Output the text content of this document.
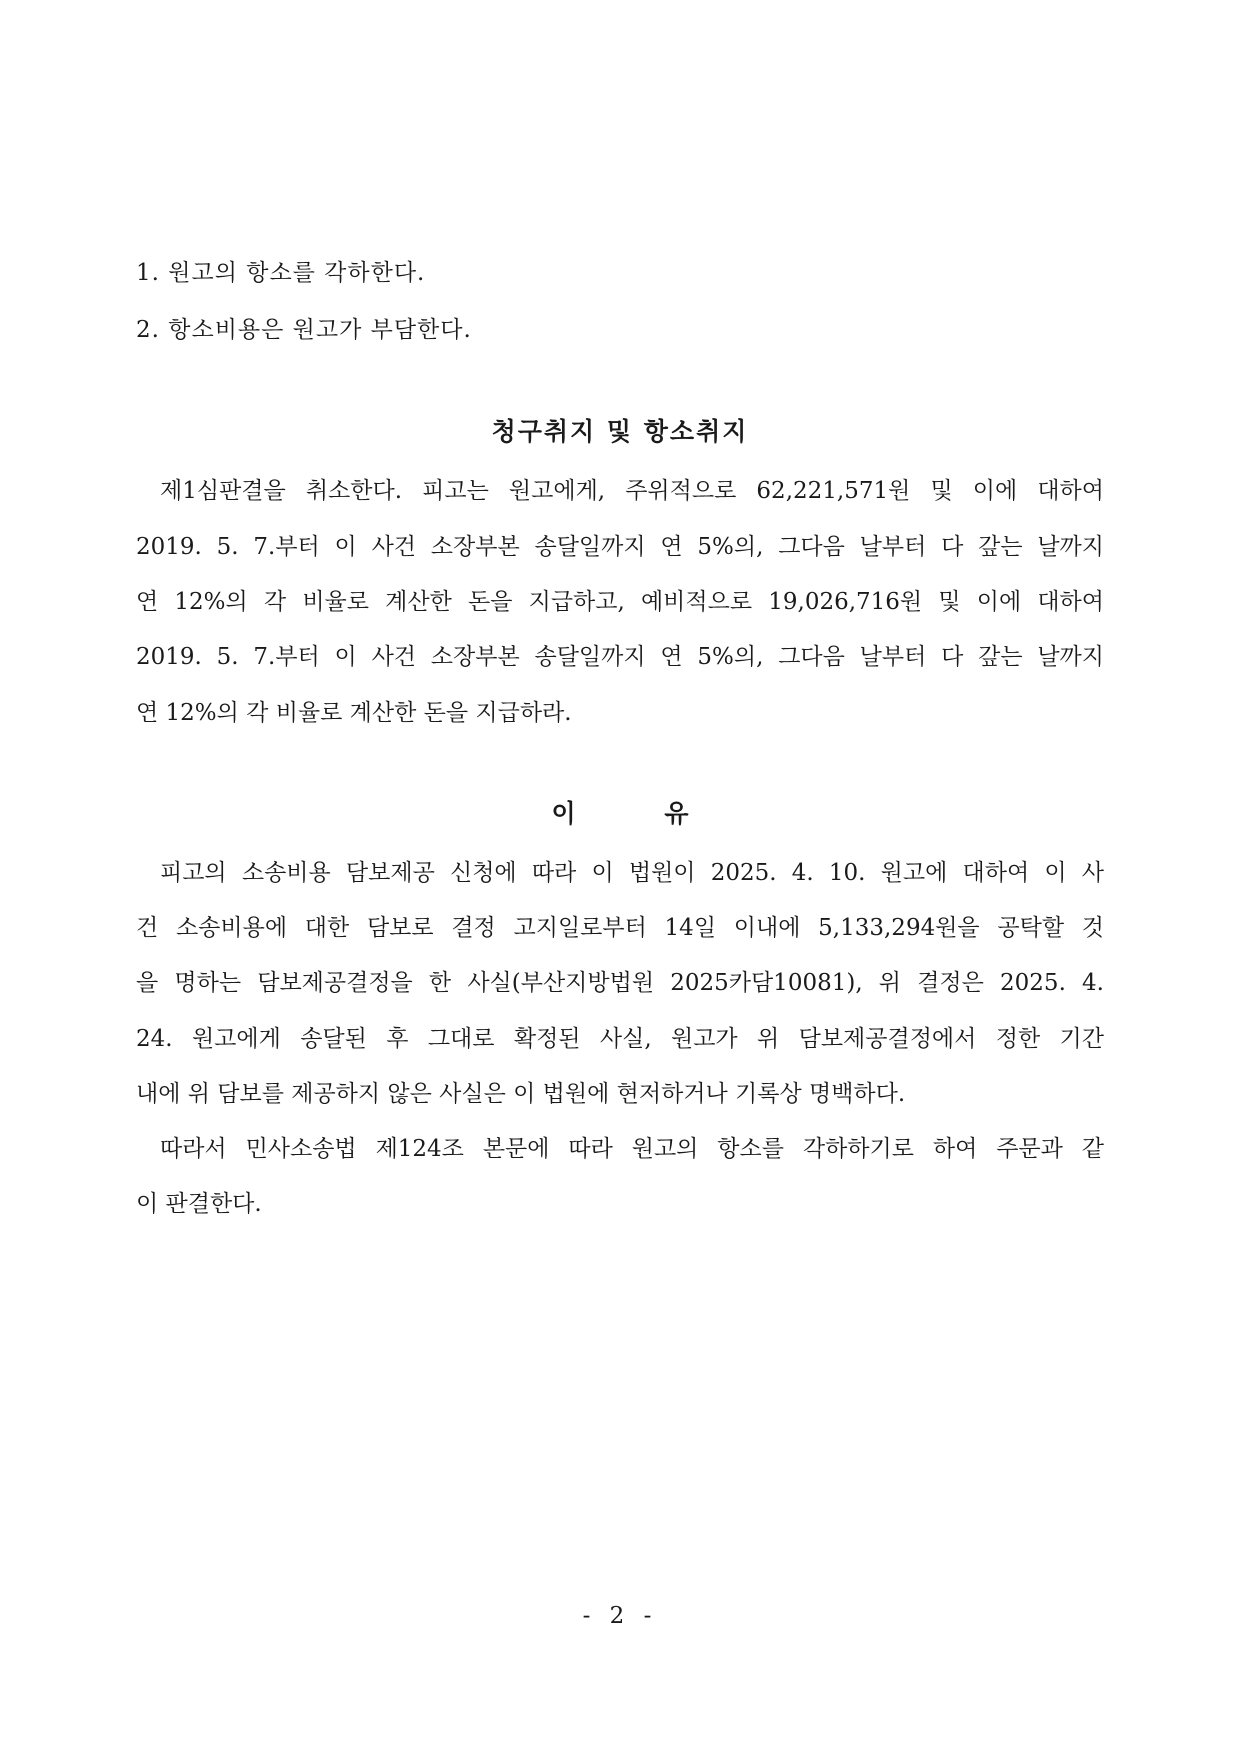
1. 원고의 항소를 각하한다.
2. 항소비용은 원고가 부담한다.
청구취지 및 항소취지
제1심판결을 취소한다. 피고는 원고에게, 주위적으로 62,221,571원 및 이에 대하여
2019. 5. 7.부터 이 사건 소장부본 송달일까지 연 5%의, 그다음 날부터 다 갚는 날까지
연 12%의 각 비율로 계산한 돈을 지급하고, 예비적으로 19,026,716원 및 이에 대하여
2019. 5. 7.부터 이 사건 소장부본 송달일까지 연 5%의, 그다음 날부터 다 갚는 날까지
연 12%의 각 비율로 계산한 돈을 지급하라.
이 유
피고의 소송비용 담보제공 신청에 따라 이 법원이 2025. 4. 10. 원고에 대하여 이 사
건 소송비용에 대한 담보로 결정 고지일로부터 14일 이내에 5,133,294원을 공탁할 것
을 명하는 담보제공결정을 한 사실(부산지방법원 2025카담10081), 위 결정은 2025. 4.
24. 원고에게 송달된 후 그대로 확정된 사실, 원고가 위 담보제공결정에서 정한 기간
내에 위 담보를 제공하지 않은 사실은 이 법원에 현저하거나 기록상 명백하다.
따라서 민사소송법 제124조 본문에 따라 원고의 항소를 각하하기로 하여 주문과 같
이 판결한다.
- 2 -
